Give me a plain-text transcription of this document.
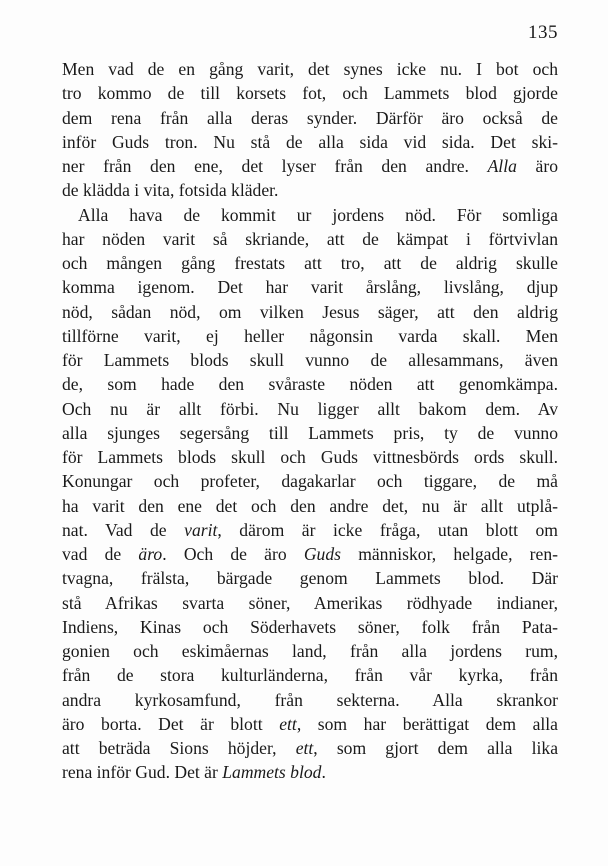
135
Men vad de en gång varit, det synes icke nu. I bot och
tro kommo de till korsets fot, och Lammets blod gjorde
dem rena från alla deras synder. Därför äro också de
inför Guds tron. Nu stå de alla sida vid sida. Det ski-
ner från den ene, det lyser från den andre. Alla äro
de klädda i vita, fotsida kläder.
Alla hava de kommit ur jordens nöd. För somliga
har nöden varit så skriande, att de kämpat i förtvivlan
och mången gång frestats att tro, att de aldrig skulle
komma igenom. Det har varit årslång, livslång, djup
nöd, sådan nöd, om vilken Jesus säger, att den aldrig
tillförne varit, ej heller någonsin varda skall. Men
för Lammets blods skull vunno de allesammans, även
de, som hade den svåraste nöden att genomkämpa.
Och nu är allt förbi. Nu ligger allt bakom dem. Av
alla sjunges segersång till Lammets pris, ty de vunno
för Lammets blods skull och Guds vittnesbörds ords skull.
Konungar och profeter, dagakarlar och tiggare, de må
ha varit den ene det och den andre det, nu är allt utplå-
nat. Vad de varit, därom är icke fråga, utan blott om
vad de äro. Och de äro Guds människor, helgade, ren-
tvagna, frälsta, bärgade genom Lammets blod. Där
stå Afrikas svarta söner, Amerikas rödhyade indianer,
Indiens, Kinas och Söderhavets söner, folk från Pata-
gonien och eskimåernas land, från alla jordens rum,
från de stora kulturländerna, från vår kyrka, från
andra kyrkosamfund, från sekterna. Alla skrankor
äro borta. Det är blott ett, som har berättigat dem alla
att beträda Sions höjder, ett, som gjort dem alla lika
rena inför Gud. Det är Lammets blod.
